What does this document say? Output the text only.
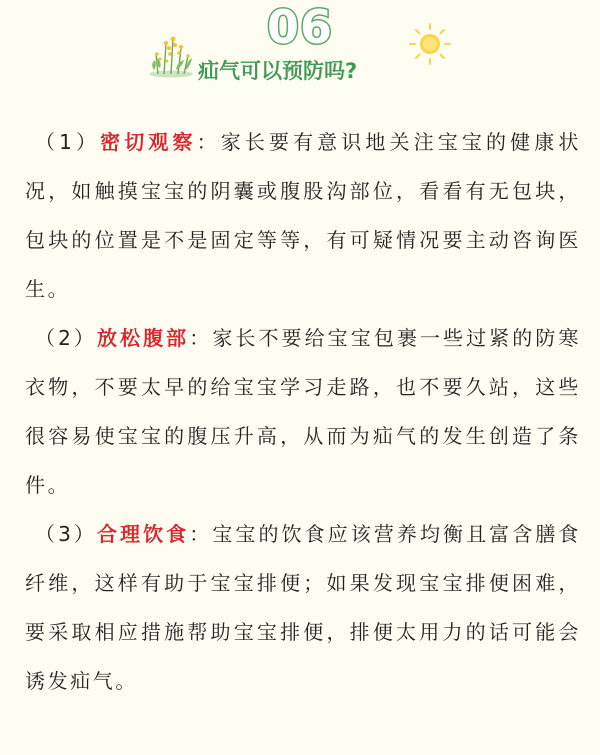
06
疝气可以预防吗?

（1）密切观察：家长要有意识地关注宝宝的健康状况，如触摸宝宝的阴囊或腹股沟部位，看看有无包块，包块的位置是不是固定等等，有可疑情况要主动咨询医生。

（2）放松腹部：家长不要给宝宝包裹一些过紧的防寒衣物，不要太早的给宝宝学习走路，也不要久站，这些很容易使宝宝的腹压升高，从而为疝气的发生创造了条件。

（3）合理饮食：宝宝的饮食应该营养均衡且富含膳食纤维，这样有助于宝宝排便；如果发现宝宝排便困难，要采取相应措施帮助宝宝排便，排便太用力的话可能会诱发疝气。
